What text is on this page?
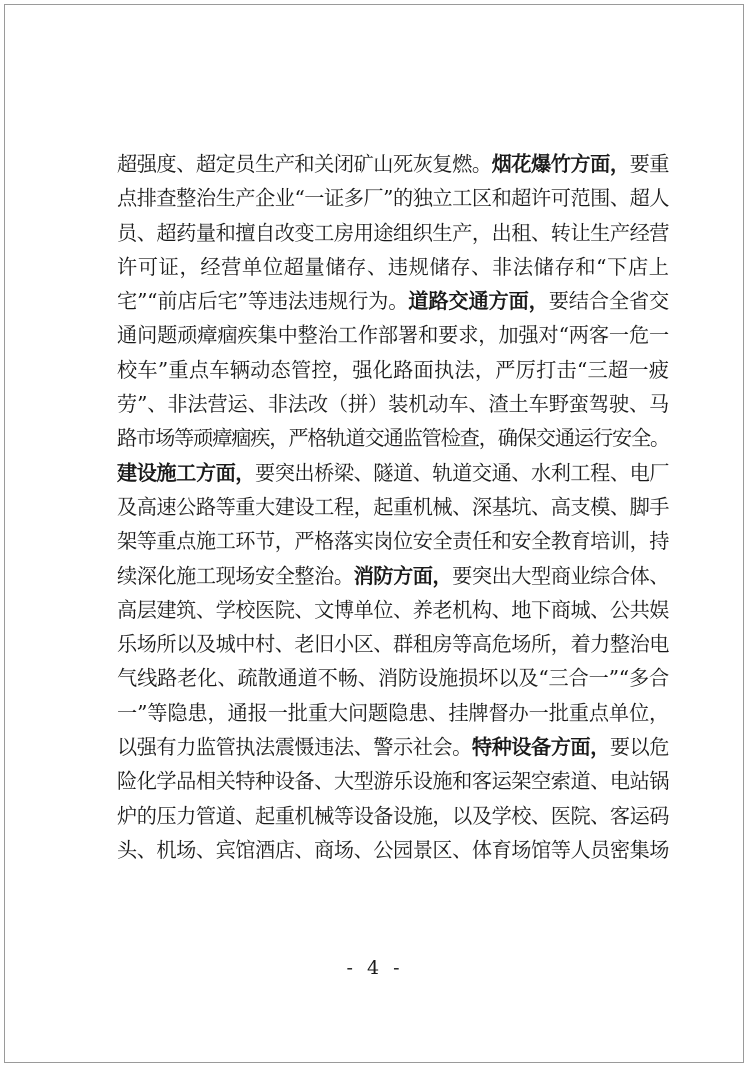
超强度、超定员生产和关闭矿山死灰复燃。烟花爆竹方面，要重
点排查整治生产企业“一证多厂”的独立工区和超许可范围、超人
员、超药量和擅自改变工房用途组织生产，出租、转让生产经营
许可证，经营单位超量储存、违规储存、非法储存和“下店上
宅”“前店后宅”等违法违规行为。道路交通方面，要结合全省交
通问题顽瘴痼疾集中整治工作部署和要求，加强对“两客一危一
校车”重点车辆动态管控，强化路面执法，严厉打击“三超一疲
劳”、非法营运、非法改（拼）装机动车、渣土车野蛮驾驶、马
路市场等顽瘴痼疾，严格轨道交通监管检查，确保交通运行安全。
建设施工方面，要突出桥梁、隧道、轨道交通、水利工程、电厂
及高速公路等重大建设工程，起重机械、深基坑、高支模、脚手
架等重点施工环节，严格落实岗位安全责任和安全教育培训，持
续深化施工现场安全整治。消防方面，要突出大型商业综合体、
高层建筑、学校医院、文博单位、养老机构、地下商城、公共娱
乐场所以及城中村、老旧小区、群租房等高危场所，着力整治电
气线路老化、疏散通道不畅、消防设施损坏以及“三合一”“多合
一”等隐患，通报一批重大问题隐患、挂牌督办一批重点单位，
以强有力监管执法震慑违法、警示社会。特种设备方面，要以危
险化学品相关特种设备、大型游乐设施和客运架空索道、电站锅
炉的压力管道、起重机械等设备设施，以及学校、医院、客运码
头、机场、宾馆酒店、商场、公园景区、体育场馆等人员密集场
- 4 -
